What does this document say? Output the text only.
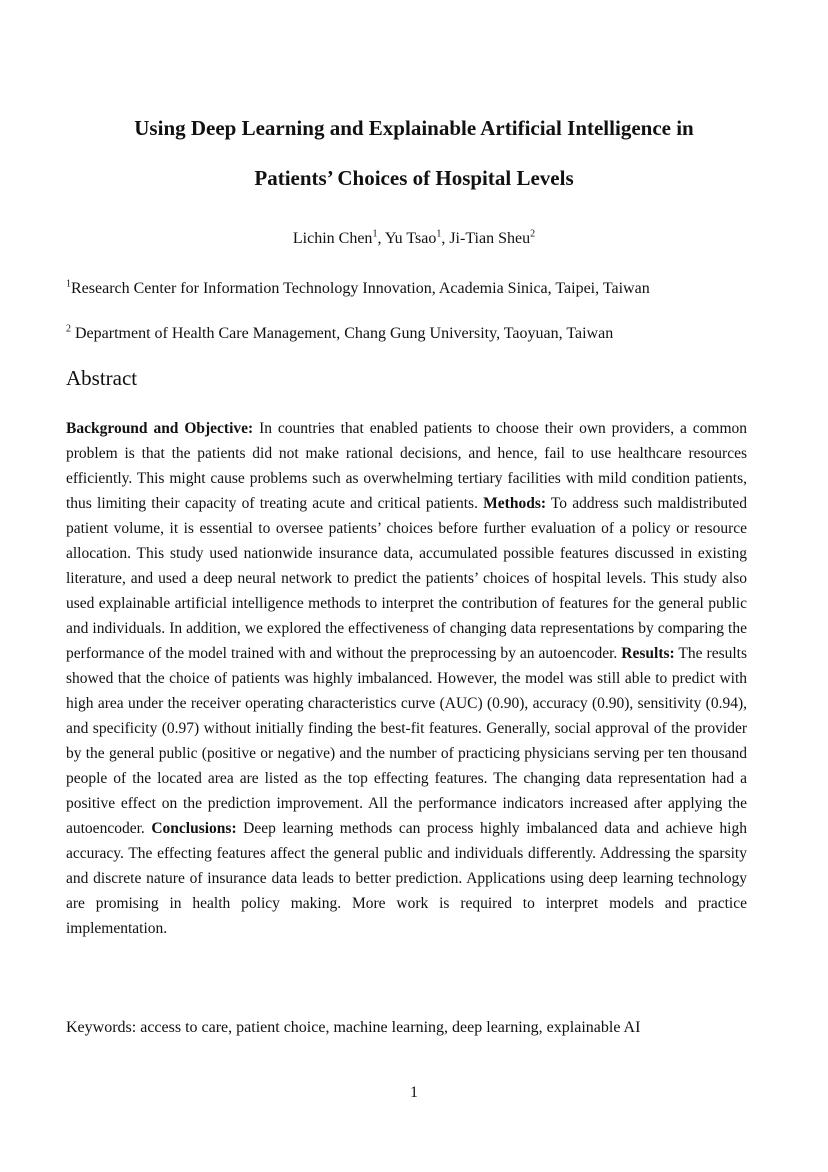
Using Deep Learning and Explainable Artificial Intelligence in
Patients’ Choices of Hospital Levels
Lichin Chen$^1$, Yu Tsao$^1$, Ji-Tian Sheu$^2$
$^1$Research Center for Information Technology Innovation, Academia Sinica, Taipei, Taiwan
$^2$ Department of Health Care Management, Chang Gung University, Taoyuan, Taiwan
Abstract

Background and Objective: In countries that enabled patients to choose their own providers, a common problem is that the patients did not make rational decisions, and hence, fail to use healthcare resources efficiently. This might cause problems such as overwhelming tertiary facilities with mild condition patients, thus limiting their capacity of treating acute and critical patients. Methods: To address such maldistributed patient volume, it is essential to oversee patients’ choices before further evaluation of a policy or resource allocation. This study used nationwide insurance data, accumulated possible features discussed in existing literature, and used a deep neural network to predict the patients’ choices of hospital levels. This study also used explainable artificial intelligence methods to interpret the contribution of features for the general public and individuals. In addition, we explored the effectiveness of changing data representations by comparing the performance of the model trained with and without the preprocessing by an autoencoder. Results: The results showed that the choice of patients was highly imbalanced. However, the model was still able to predict with high area under the receiver operating characteristics curve (AUC) (0.90), accuracy (0.90), sensitivity (0.94), and specificity (0.97) without initially finding the best-fit features. Generally, social approval of the provider by the general public (positive or negative) and the number of practicing physicians serving per ten thousand people of the located area are listed as the top effecting features. The changing data representation had a positive effect on the prediction improvement. All the performance indicators increased after applying the autoencoder. Conclusions: Deep learning methods can process highly imbalanced data and achieve high accuracy. The effecting features affect the general public and individuals differently. Addressing the sparsity and discrete nature of insurance data leads to better prediction. Applications using deep learning technology are promising in health policy making. More work is required to interpret models and practice implementation.

Keywords: access to care, patient choice, machine learning, deep learning, explainable AI
1
